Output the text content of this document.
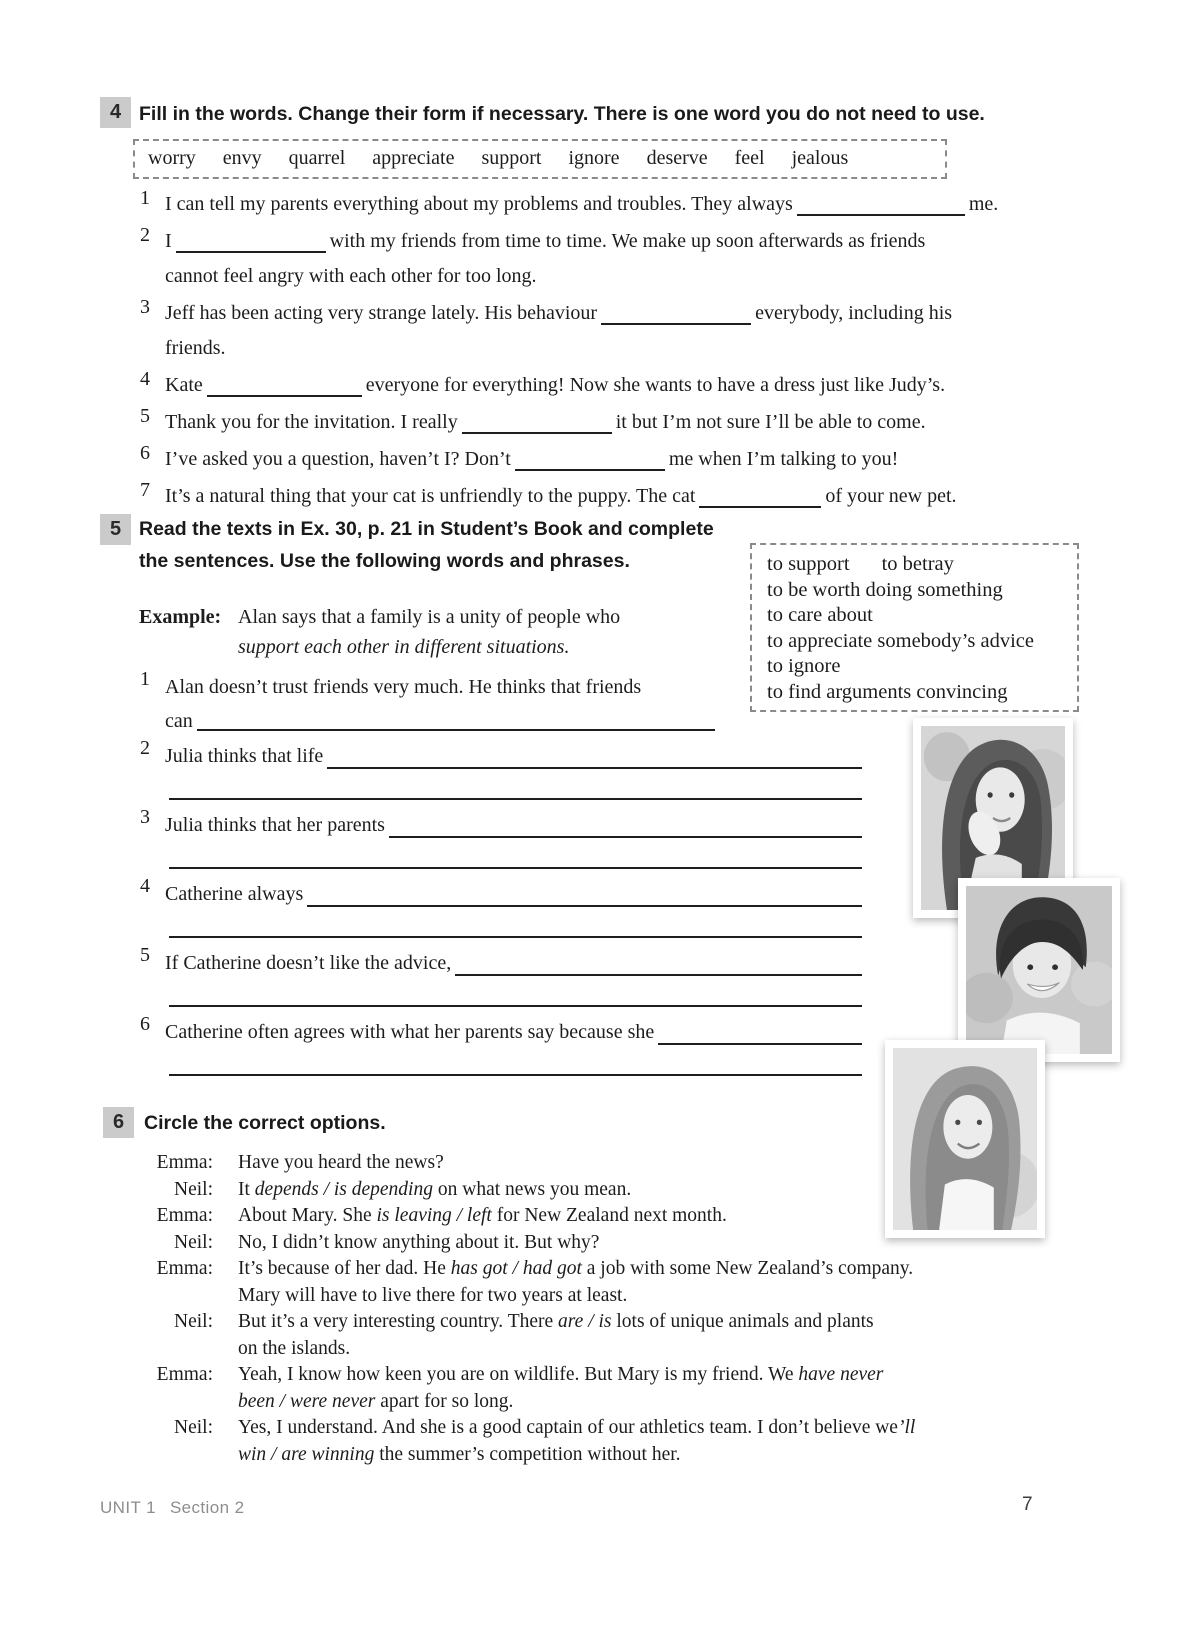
4 Fill in the words. Change their form if necessary. There is one word you do not need to use.
worry envy quarrel appreciate support ignore deserve feel jealous
1 I can tell my parents everything about my problems and troubles. They always	me.
2 I	with my friends from time to time. We make up soon afterwards as friends
cannot feel angry with each other for too long.
3 Jeff has been acting very strange lately. His behaviour	everybody, including his
friends.
4 Kate	everyone for everything! Now she wants to have a dress just like Judy’s.
5 Thank you for the invitation. I really	it but I’m not sure I’ll be able to come.
6 I’ve asked you a question, haven’t I? Don’t	me when I’m talking to you!
7 It’s a natural thing that your cat is unfriendly to the puppy. The cat	of your new pet.
5 Read the texts in Ex. 30, p. 21 in Student’s Book and complete
the sentences. Use the following words and phrases.	to support to betray
to be worth doing something
to care about
to appreciate somebody’s advice
to ignore
to find arguments convincing
Example: Alan says that a family is a unity of people who
support each other in different situations.
1 Alan doesn’t trust friends very much. He thinks that friends
can
2 Julia thinks that life
3 Julia thinks that her parents
4 Catherine always
5 If Catherine doesn’t like the advice,
6 Catherine often agrees with what her parents say because she
6	Circle the correct options.
Emma: Have you heard the news?
Neil: It depends / is depending on what news you mean.
Emma: About Mary. She is leaving / left for New Zealand next month.
Neil: No, I didn’t know anything about it. But why?
Emma: It’s because of her dad. He has got / had got a job with some New Zealand’s company.
Mary will have to live there for two years at least.
Neil: But it’s a very interesting country. There are / is lots of unique animals and plants
on the islands.
Emma: Yeah, I know how keen you are on wildlife. But Mary is my friend. We have never
been / were never apart for so long.
Neil: Yes, I understand. And she is a good captain of our athletics team. I don’t believe we’ll
win / are winning the summer’s competition without her.
UNIT 1 Section 2	7
